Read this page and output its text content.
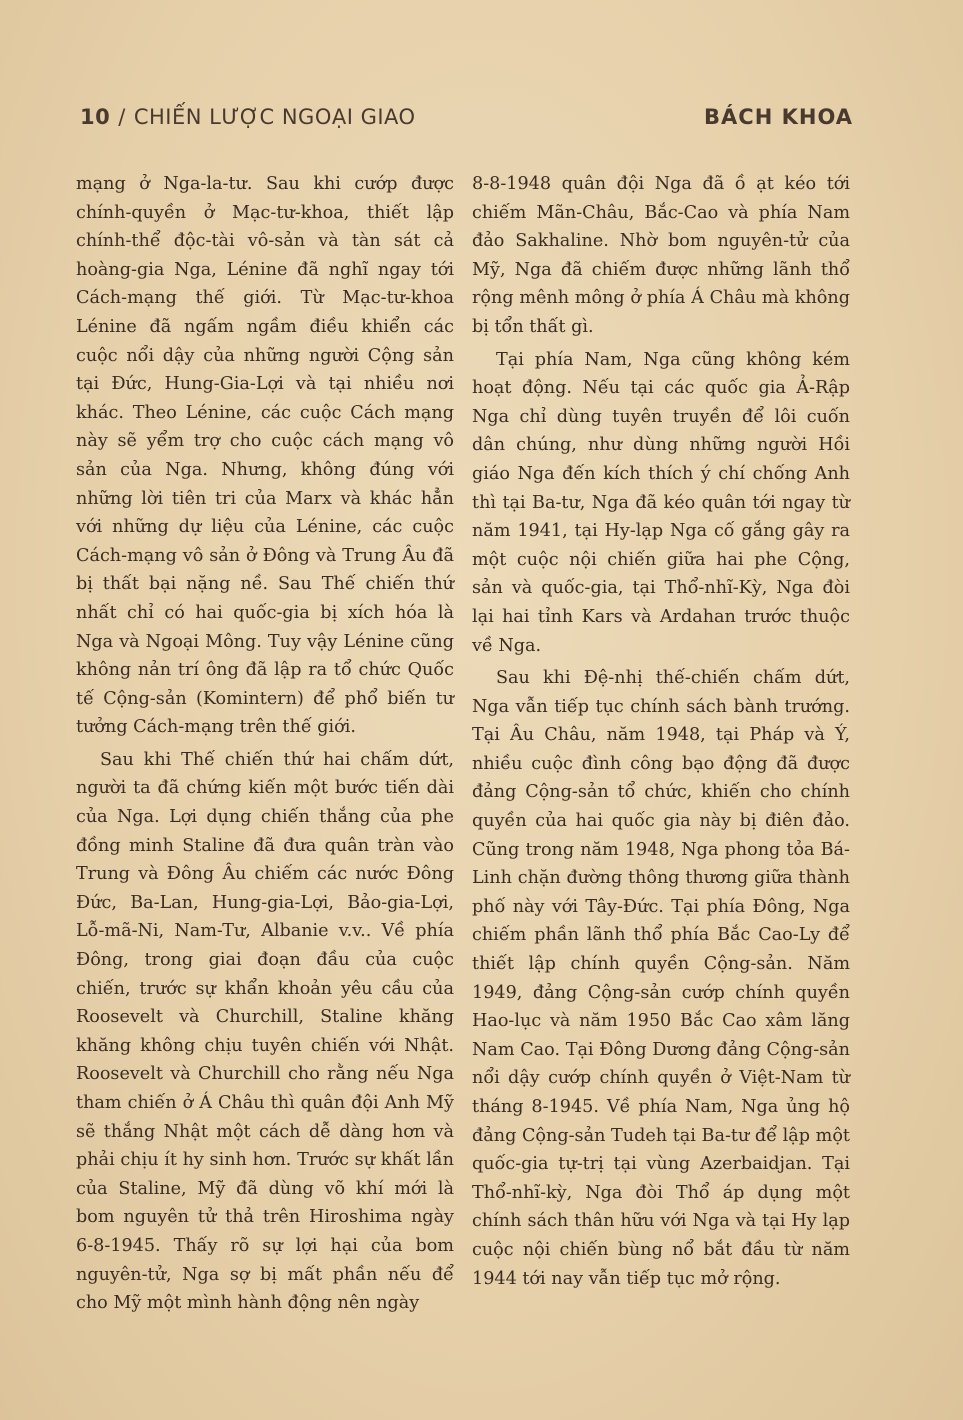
10 / CHIẾN LƯỢC NGOẠI GIAO	BÁCH KHOA

mạng ở Nga-la-tư. Sau khi cướp được chính-quyền ở Mạc-tư-khoa, thiết lập chính-thể độc-tài vô-sản và tàn sát cả hoàng-gia Nga, Lénine đã nghĩ ngay tới Cách-mạng thế giới. Từ Mạc-tư-khoa Lénine đã ngấm ngầm điều khiển các cuộc nổi dậy của những người Cộng sản tại Đức, Hung-Gia-Lợi và tại nhiều nơi khác. Theo Lénine, các cuộc Cách mạng này sẽ yểm trợ cho cuộc cách mạng vô sản của Nga. Nhưng, không đúng với những lời tiên tri của Marx và khác hẳn với những dự liệu của Lénine, các cuộc Cách-mạng vô sản ở Đông và Trung Âu đã bị thất bại nặng nề. Sau Thế chiến thứ nhất chỉ có hai quốc-gia bị xích hóa là Nga và Ngoại Mông. Tuy vậy Lénine cũng không nản trí ông đã lập ra tổ chức Quốc tế Cộng-sản (Komintern) để phổ biến tư tưởng Cách-mạng trên thế giới.

Sau khi Thế chiến thứ hai chấm dứt, người ta đã chứng kiến một bước tiến dài của Nga. Lợi dụng chiến thắng của phe đồng minh Staline đã đưa quân tràn vào Trung và Đông Âu chiếm các nước Đông Đức, Ba-Lan, Hung-gia-Lợi, Bảo-gia-Lợi, Lỗ-mã-Ni, Nam-Tư, Albanie v.v.. Về phía Đông, trong giai đoạn đầu của cuộc chiến, trước sự khẩn khoản yêu cầu của Roosevelt và Churchill, Staline khăng khăng không chịu tuyên chiến với Nhật. Roosevelt và Churchill cho rằng nếu Nga tham chiến ở Á Châu thì quân đội Anh Mỹ sẽ thắng Nhật một cách dễ dàng hơn và phải chịu ít hy sinh hơn. Trước sự khất lần của Staline, Mỹ đã dùng võ khí mới là bom nguyên tử thả trên Hiroshima ngày 6-8-1945. Thấy rõ sự lợi hại của bom nguyên-tử, Nga sợ bị mất phần nếu để cho Mỹ một mình hành động nên ngày

8-8-1948 quân đội Nga đã ồ ạt kéo tới chiếm Mãn-Châu, Bắc-Cao và phía Nam đảo Sakhaline. Nhờ bom nguyên-tử của Mỹ, Nga đã chiếm được những lãnh thổ rộng mênh mông ở phía Á Châu mà không bị tổn thất gì.

Tại phía Nam, Nga cũng không kém hoạt động. Nếu tại các quốc gia Ả-Rập Nga chỉ dùng tuyên truyền để lôi cuốn dân chúng, như dùng những người Hồi giáo Nga đến kích thích ý chí chống Anh thì tại Ba-tư, Nga đã kéo quân tới ngay từ năm 1941, tại Hy-lạp Nga cố gắng gây ra một cuộc nội chiến giữa hai phe Cộng, sản và quốc-gia, tại Thổ-nhĩ-Kỳ, Nga đòi lại hai tỉnh Kars và Ardahan trước thuộc về Nga.

Sau khi Đệ-nhị thế-chiến chấm dứt, Nga vẫn tiếp tục chính sách bành trướng. Tại Âu Châu, năm 1948, tại Pháp và Ý, nhiều cuộc đình công bạo động đã được đảng Cộng-sản tổ chức, khiến cho chính quyền của hai quốc gia này bị điên đảo. Cũng trong năm 1948, Nga phong tỏa Bá-Linh chặn đường thông thương giữa thành phố này với Tây-Đức. Tại phía Đông, Nga chiếm phần lãnh thổ phía Bắc Cao-Ly để thiết lập chính quyền Cộng-sản. Năm 1949, đảng Cộng-sản cướp chính quyền Hao-lục và năm 1950 Bắc Cao xâm lăng Nam Cao. Tại Đông Dương đảng Cộng-sản nổi dậy cướp chính quyền ở Việt-Nam từ tháng 8-1945. Về phía Nam, Nga ủng hộ đảng Cộng-sản Tudeh tại Ba-tư để lập một quốc-gia tự-trị tại vùng Azerbaidjan. Tại Thổ-nhĩ-kỳ, Nga đòi Thổ áp dụng một chính sách thân hữu với Nga và tại Hy lạp cuộc nội chiến bùng nổ bắt đầu từ năm 1944 tới nay vẫn tiếp tục mở rộng.
